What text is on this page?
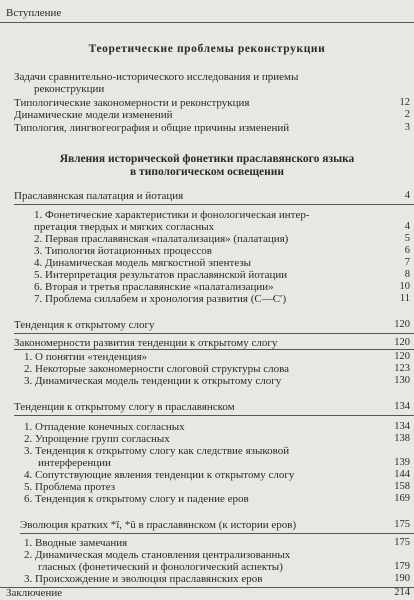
Вступление
Теоретические проблемы реконструкции
Задачи сравнительно-исторического исследования и приемы
реконструкции
Типологические закономерности и реконструкция	12
Динамические модели изменений	2
Типология, лингвогеография и общие причины изменений	3
Явления исторической фонетики праславянского языка
в типологическом освещении
Праславянская палатация и йотация	4
1. Фонетические характеристики и фонологическая интер-
претация твердых и мягких согласных	4
2. Первая праславянская «палатализация» (палатация)	5
3. Типология йотационных процессов	6
4. Динамическая модель мягкостной эпентезы	7
5. Интерпретация результатов праславянской йотации	8
6. Вторая и третья праславянские «палатализации»	10
7. Проблема силлабем и хронология развития (C—C′)	11
Тенденция к открытому слогу	120
Закономерности развития тенденции к открытому слогу	120
1. О понятии «тенденция»	120
2. Некоторые закономерности слоговой структуры слова	123
3. Динамическая модель тенденции к открытому слогу	130
Тенденция к открытому слогу в праславянском	134
1. Отпадение конечных согласных	134
2. Упрощение групп согласных	138
3. Тенденция к открытому слогу как следствие языковой
интерференции	139
4. Сопутствующие явления тенденции к открытому слогу	144
5. Проблема протез	158
6. Тенденция к открытому слогу и падение еров	169
Эволюция кратких *ĭ, *ŭ в праславянском (к истории еров)	175
1. Вводные замечания	175
2. Динамическая модель становления централизованных
гласных (фонетический и фонологический аспекты)	179
3. Происхождение и эволюция праславянских еров	190
Заключение	214
